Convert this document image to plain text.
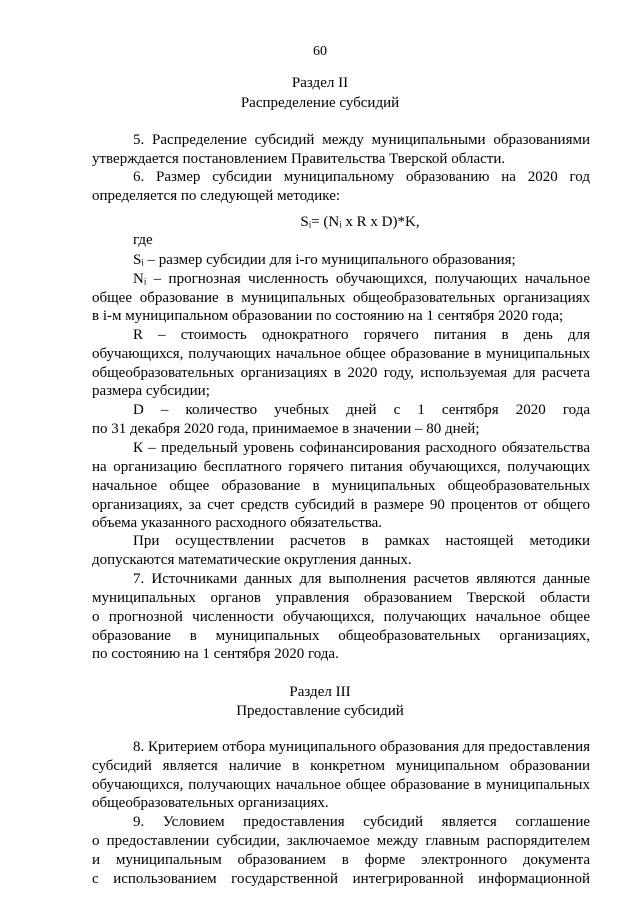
60
Раздел II
Распределение субсидий
5. Распределение субсидий между муниципальными образованиями
утверждается постановлением Правительства Тверской области.
6. Размер субсидии муниципальному образованию на 2020 год
определяется по следующей методике:
Sᵢ= (Nᵢ x R x D)*K,
где
Sᵢ – размер субсидии для i-го муниципального образования;
Nᵢ – прогнозная численность обучающихся, получающих начальное
общее образование в муниципальных общеобразовательных организациях
в i-м муниципальном образовании по состоянию на 1 сентября 2020 года;
R – стоимость однократного горячего питания в день для
обучающихся, получающих начальное общее образование в муниципальных
общеобразовательных организациях в 2020 году, используемая для расчета
размера субсидии;
D – количество учебных дней с 1 сентября 2020 года
по 31 декабря 2020 года, принимаемое в значении – 80 дней;
К – предельный уровень софинансирования расходного обязательства
на организацию бесплатного горячего питания обучающихся, получающих
начальное общее образование в муниципальных общеобразовательных
организациях, за счет средств субсидий в размере 90 процентов от общего
объема указанного расходного обязательства.
При осуществлении расчетов в рамках настоящей методики
допускаются математические округления данных.
7. Источниками данных для выполнения расчетов являются данные
муниципальных органов управления образованием Тверской области
о прогнозной численности обучающихся, получающих начальное общее
образование в муниципальных общеобразовательных организациях,
по состоянию на 1 сентября 2020 года.
Раздел III
Предоставление субсидий
8. Критерием отбора муниципального образования для предоставления
субсидий является наличие в конкретном муниципальном образовании
обучающихся, получающих начальное общее образование в муниципальных
общеобразовательных организациях.
9. Условием предоставления субсидий является соглашение
о предоставлении субсидии, заключаемое между главным распорядителем
и муниципальным образованием в форме электронного документа
с использованием государственной интегрированной информационной
